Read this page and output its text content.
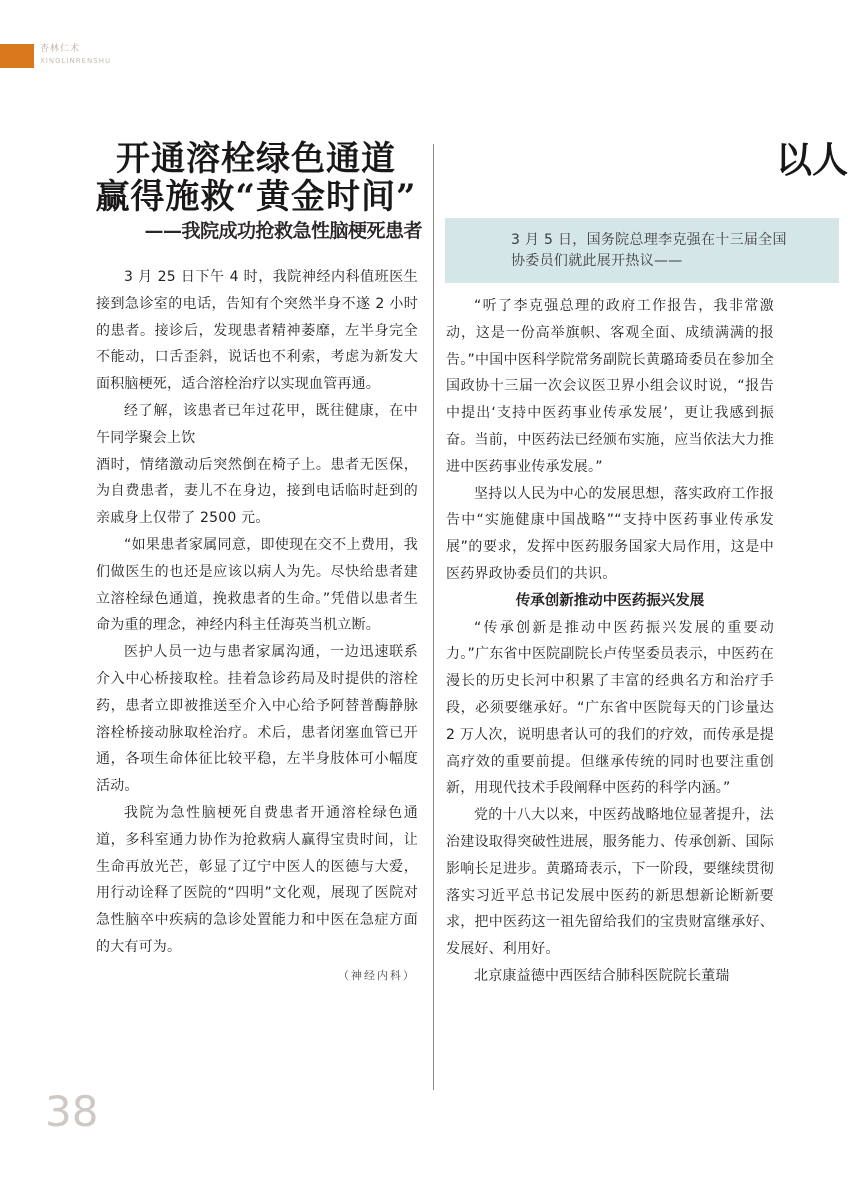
杏林仁术
XINGLINRENSHU
开通溶栓绿色通道
赢得施救“黄金时间”
——我院成功抢救急性脑梗死患者

3 月 25 日下午 4 时，我院神经内科值班医生接到急诊室的电话，告知有个突然半身不遂 2 小时的患者。接诊后，发现患者精神萎靡，左半身完全不能动，口舌歪斜，说话也不利索，考虑为新发大面积脑梗死，适合溶栓治疗以实现血管再通。

经了解，该患者已年过花甲，既往健康，在中午同学聚会上饮

酒时，情绪激动后突然倒在椅子上。患者无医保，为自费患者，妻儿不在身边，接到电话临时赶到的亲戚身上仅带了 2500 元。

“如果患者家属同意，即使现在交不上费用，我们做医生的也还是应该以病人为先。尽快给患者建立溶栓绿色通道，挽救患者的生命。”凭借以患者生命为重的理念，神经内科主任海英当机立断。

医护人员一边与患者家属沟通，一边迅速联系介入中心桥接取栓。挂着急诊药局及时提供的溶栓药，患者立即被推送至介入中心给予阿替普酶静脉溶栓桥接动脉取栓治疗。术后，患者闭塞血管已开通，各项生命体征比较平稳，左半身肢体可小幅度活动。

我院为急性脑梗死自费患者开通溶栓绿色通道，多科室通力协作为抢救病人赢得宝贵时间，让生命再放光芒，彰显了辽宁中医人的医德与大爱，用行动诠释了医院的“四明”文化观，展现了医院对急性脑卒中疾病的急诊处置能力和中医在急症方面的大有可为。

（神经内科）
以人
3 月 5 日，国务院总理李克强在十三届全国
协委员们就此展开热议——

“听了李克强总理的政府工作报告，我非常激动，这是一份高举旗帜、客观全面、成绩满满的报告。”中国中医科学院常务副院长黄璐琦委员在参加全国政协十三届一次会议医卫界小组会议时说，“报告中提出‘支持中医药事业传承发展’，更让我感到振奋。当前，中医药法已经颁布实施，应当依法大力推进中医药事业传承发展。”

坚持以人民为中心的发展思想，落实政府工作报告中“实施健康中国战略”“支持中医药事业传承发展”的要求，发挥中医药服务国家大局作用，这是中医药界政协委员们的共识。

传承创新推动中医药振兴发展

“传承创新是推动中医药振兴发展的重要动力。”广东省中医院副院长卢传坚委员表示，中医药在漫长的历史长河中积累了丰富的经典名方和治疗手段，必须要继承好。“广东省中医院每天的门诊量达 2 万人次，说明患者认可的我们的疗效，而传承是提高疗效的重要前提。但继承传统的同时也要注重创新，用现代技术手段阐释中医药的科学内涵。”

党的十八大以来，中医药战略地位显著提升，法治建设取得突破性进展，服务能力、传承创新、国际影响长足进步。黄璐琦表示，下一阶段，要继续贯彻落实习近平总书记发展中医药的新思想新论断新要求，把中医药这一祖先留给我们的宝贵财富继承好、发展好、利用好。

北京康益德中西医结合肺科医院院长董瑞

38
